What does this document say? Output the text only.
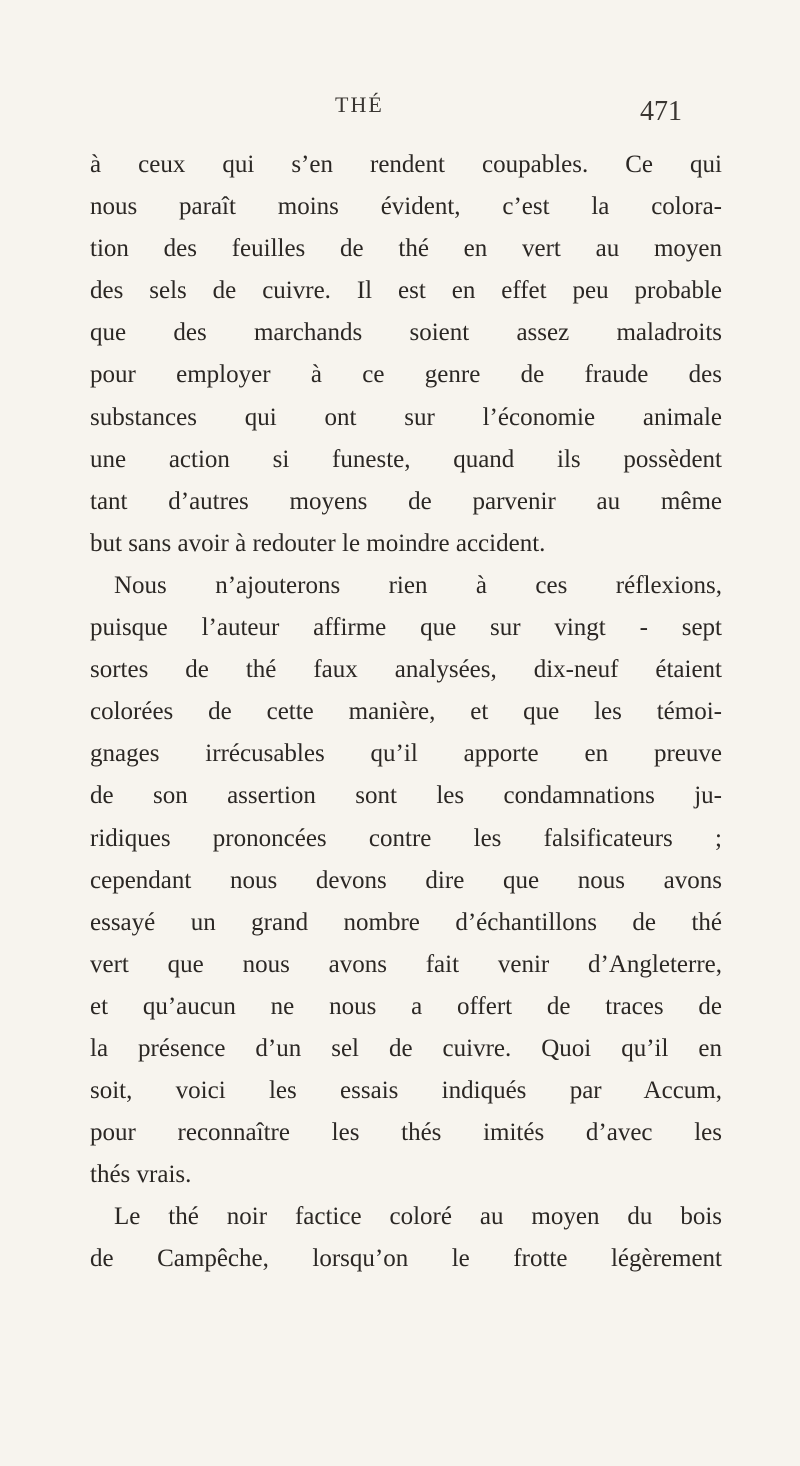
THÉ	471
à ceux qui s’en rendent coupables. Ce qui
nous paraît moins évident, c’est la colora-
tion des feuilles de thé en vert au moyen
des sels de cuivre. Il est en effet peu probable
que des marchands soient assez maladroits
pour employer à ce genre de fraude des
substances qui ont sur l’économie animale
une action si funeste, quand ils possèdent
tant d’autres moyens de parvenir au même
but sans avoir à redouter le moindre accident.
Nous n’ajouterons rien à ces réflexions,
puisque l’auteur affirme que sur vingt - sept
sortes de thé faux analysées, dix-neuf étaient
colorées de cette manière, et que les témoi-
gnages irrécusables qu’il apporte en preuve
de son assertion sont les condamnations ju-
ridiques prononcées contre les falsificateurs ;
cependant nous devons dire que nous avons
essayé un grand nombre d’échantillons de thé
vert que nous avons fait venir d’Angleterre,
et qu’aucun ne nous a offert de traces de
la présence d’un sel de cuivre. Quoi qu’il en
soit, voici les essais indiqués par Accum,
pour reconnaître les thés imités d’avec les
thés vrais.
Le thé noir factice coloré au moyen du bois
de Campêche, lorsqu’on le frotte légèrement
